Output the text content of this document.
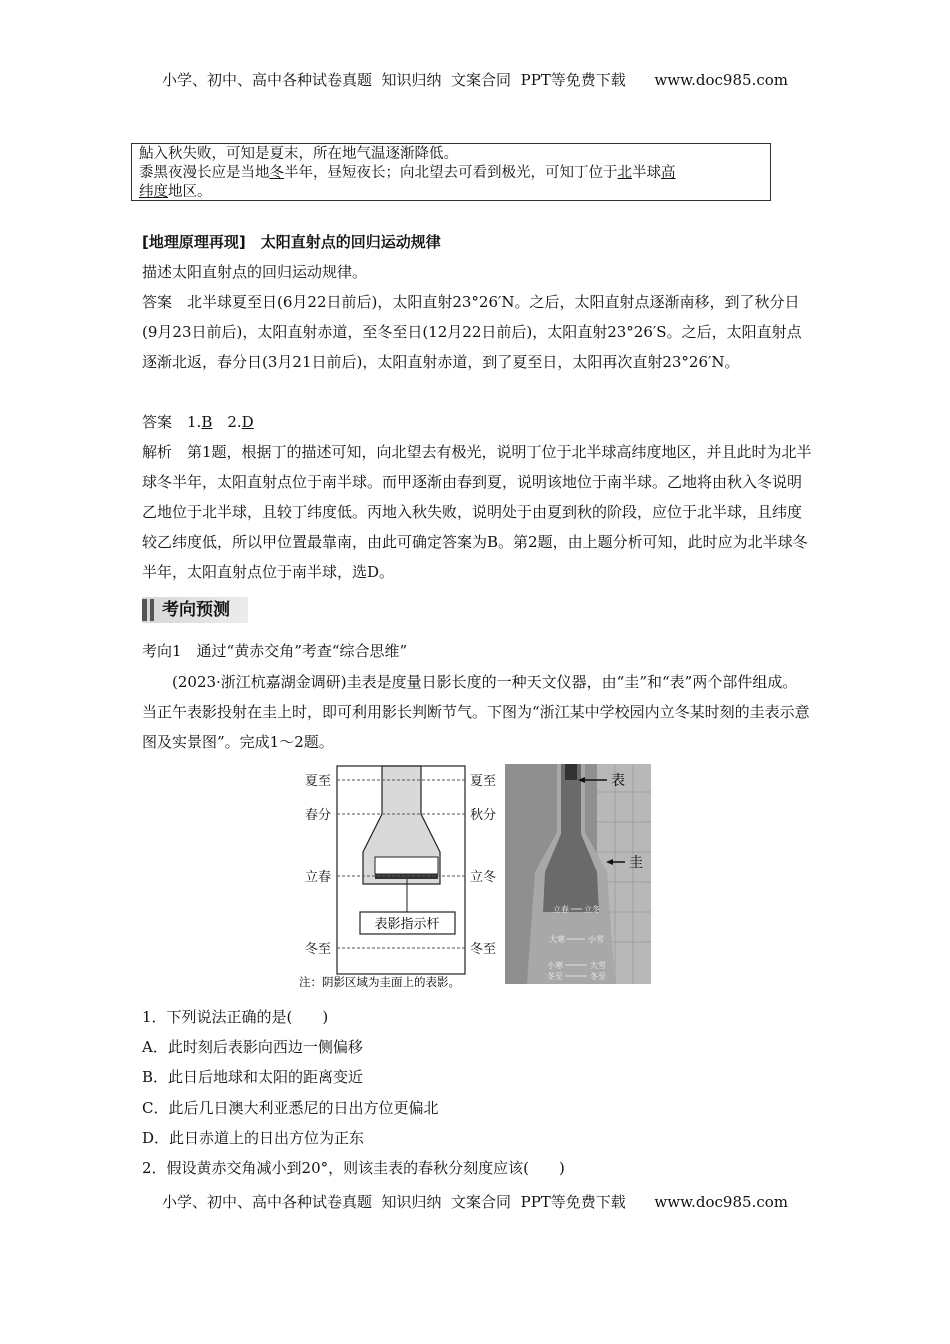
小学、初中、高中各种试卷真题  知识归纳  文案合同  PPT等免费下载      www.doc985.com
鮎入秋失败，可知是夏末，所在地气温逐渐降低。
黍黑夜漫长应是当地冬半年，昼短夜长；向北望去可看到极光，可知丁位于北半球高
纬度地区。
[地理原理再现]　太阳直射点的回归运动规律
描述太阳直射点的回归运动规律。
答案　北半球夏至日(6月22日前后)，太阳直射23°26′N。之后，太阳直射点逐渐南移，到了秋分日(9月23日前后)，太阳直射赤道，至冬至日(12月22日前后)，太阳直射23°26′S。之后，太阳直射点逐渐北返，春分日(3月21日前后)，太阳直射赤道，到了夏至日，太阳再次直射23°26′N。
答案　1.B　2.D
解析　第1题，根据丁的描述可知，向北望去有极光，说明丁位于北半球高纬度地区，并且此时为北半球冬半年，太阳直射点位于南半球。而甲逐渐由春到夏，说明该地位于南半球。乙地将由秋入冬说明乙地位于北半球，且较丁纬度低。丙地入秋失败，说明处于由夏到秋的阶段，应位于北半球，且纬度较乙纬度低，所以甲位置最靠南，由此可确定答案为B。第2题，由上题分析可知，此时应为北半球冬半年，太阳直射点位于南半球，选D。
考向预测
考向1　通过“黄赤交角”考查“综合思维”
(2023·浙江杭嘉湖金调研)圭表是度量日影长度的一种天文仪器，由“圭”和“表”两个部件组成。当正午表影投射在圭上时，即可利用影长判断节气。下图为“浙江某中学校园内立冬某时刻的圭表示意图及实景图”。完成1～2题。
表影指示杆
夏至
春分
立春
冬至
夏至
秋分
立冬
冬至
注：阴影区域为圭面上的表影。
表
圭
立春 立冬
大寒	小雪
小寒	大雪
冬至	冬至
1．下列说法正确的是(　　)
A．此时刻后表影向西边一侧偏移
B．此日后地球和太阳的距离变近
C．此后几日澳大利亚悉尼的日出方位更偏北
D．此日赤道上的日出方位为正东
2．假设黄赤交角减小到20°，则该圭表的春秋分刻度应该(　　)
小学、初中、高中各种试卷真题  知识归纳  文案合同  PPT等免费下载      www.doc985.com
